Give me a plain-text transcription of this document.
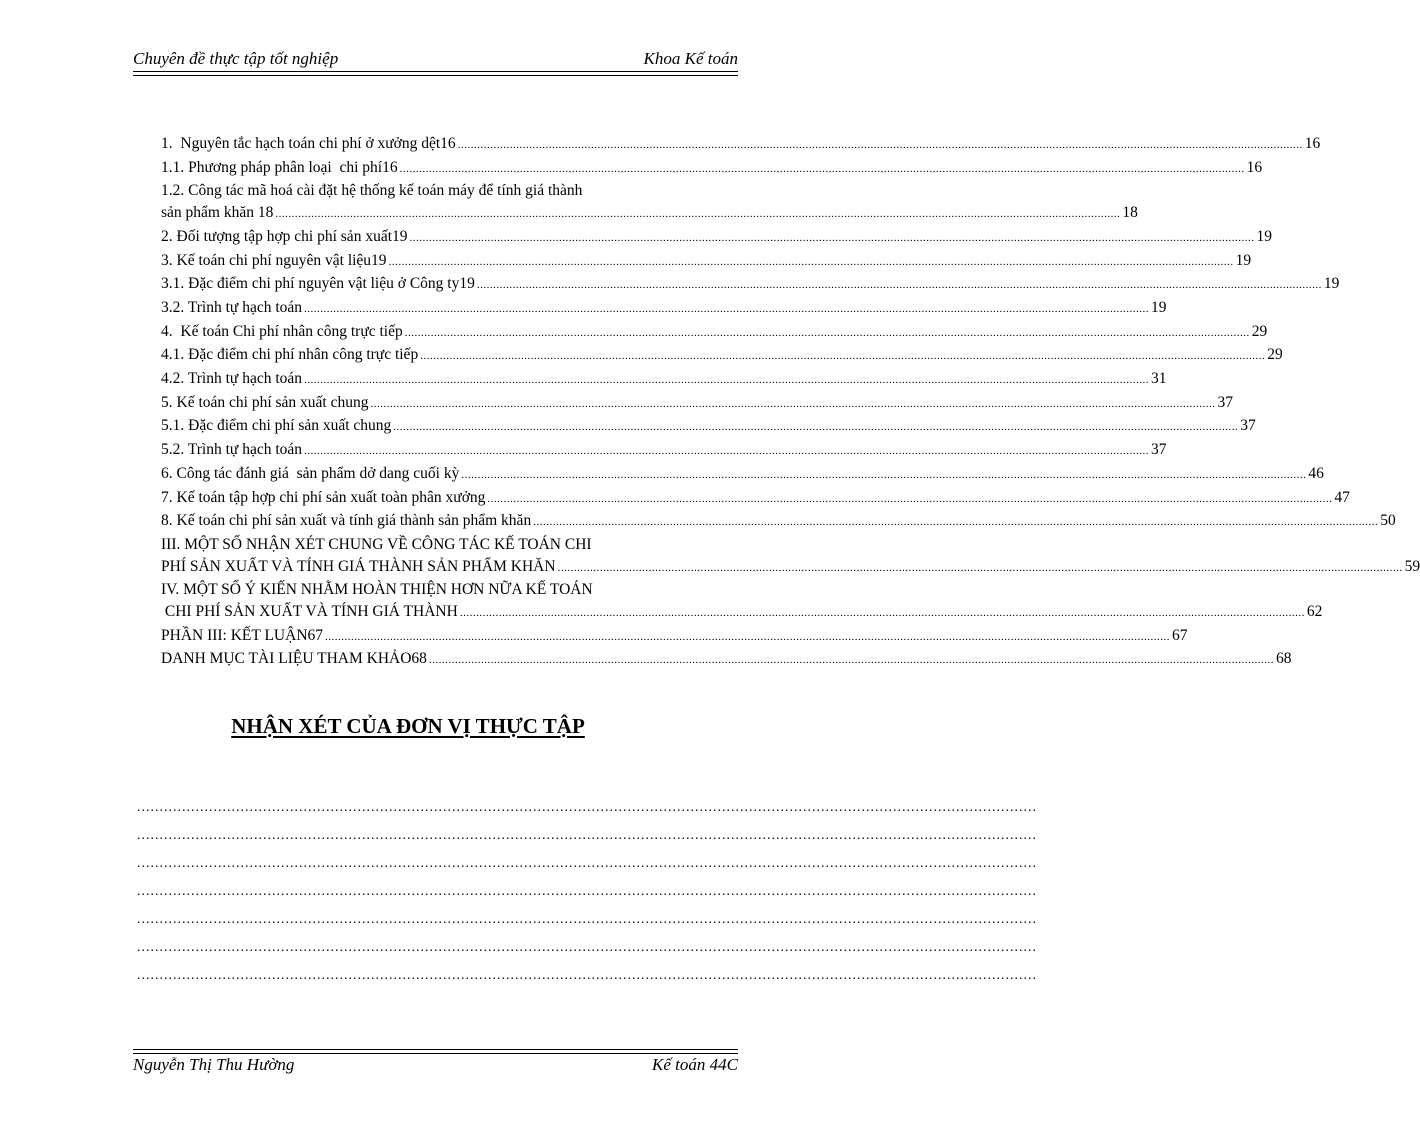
Chuyên đề thực tập tốt nghiệp	Khoa Kế toán
1.  Nguyên tắc hạch toán chi phí ở xưởng dệt16 .................................................................................................................................................................................................................................................................... 16
1.1. Phương pháp phân loại  chi phí16 .................................................................................................................................................................................................................................................................... 16
1.2. Công tác mã hoá cài đặt hệ thống kế toán máy để tính giá thành
sản phẩm khăn 18 .................................................................................................................................................................................................................................................................... 18
2. Đối tượng tập hợp chi phí sản xuất19 .................................................................................................................................................................................................................................................................... 19
3. Kế toán chi phí nguyên vật liệu19 .................................................................................................................................................................................................................................................................... 19
3.1. Đặc điểm chi phí nguyên vật liệu ở Công ty19 .................................................................................................................................................................................................................................................................... 19
3.2. Trình tự hạch toán .................................................................................................................................................................................................................................................................... 19
4.  Kế toán Chi phí nhân công trực tiếp .................................................................................................................................................................................................................................................................... 29
4.1. Đặc điểm chi phí nhân công trực tiếp .................................................................................................................................................................................................................................................................... 29
4.2. Trình tự hạch toán .................................................................................................................................................................................................................................................................... 31
5. Kế toán chi phí sản xuất chung .................................................................................................................................................................................................................................................................... 37
5.1. Đặc điểm chi phí sản xuất chung .................................................................................................................................................................................................................................................................... 37
5.2. Trình tự hạch toán .................................................................................................................................................................................................................................................................... 37
6. Công tác đánh giá  sản phẩm dở dang cuối kỳ .................................................................................................................................................................................................................................................................... 46
7. Kế toán tập hợp chi phí sản xuất toàn phân xưởng .................................................................................................................................................................................................................................................................... 47
8. Kế toán chi phí sản xuất và tính giá thành sản phẩm khăn .................................................................................................................................................................................................................................................................... 50
III. MỘT SỐ NHẬN XÉT CHUNG VỀ CÔNG TÁC KẾ TOÁN CHI
PHÍ SẢN XUẤT VÀ TÍNH GIÁ THÀNH SẢN PHẨM KHĂN .................................................................................................................................................................................................................................................................... 59
IV. MỘT SỐ Ý KIẾN NHẰM HOÀN THIỆN HƠN NỮA KẾ TOÁN
CHI PHÍ SẢN XUẤT VÀ TÍNH GIÁ THÀNH .................................................................................................................................................................................................................................................................... 62
PHẦN III: KẾT LUẬN67 .................................................................................................................................................................................................................................................................... 67
DANH MỤC TÀI LIỆU THAM KHẢO68 .................................................................................................................................................................................................................................................................... 68
NHẬN XÉT CỦA ĐƠN VỊ THỰC TẬP
........................................................................................................................................................................................................
........................................................................................................................................................................................................
........................................................................................................................................................................................................
........................................................................................................................................................................................................
........................................................................................................................................................................................................
........................................................................................................................................................................................................
........................................................................................................................................................................................................
Nguyễn Thị Thu Hường	Kế toán 44C
